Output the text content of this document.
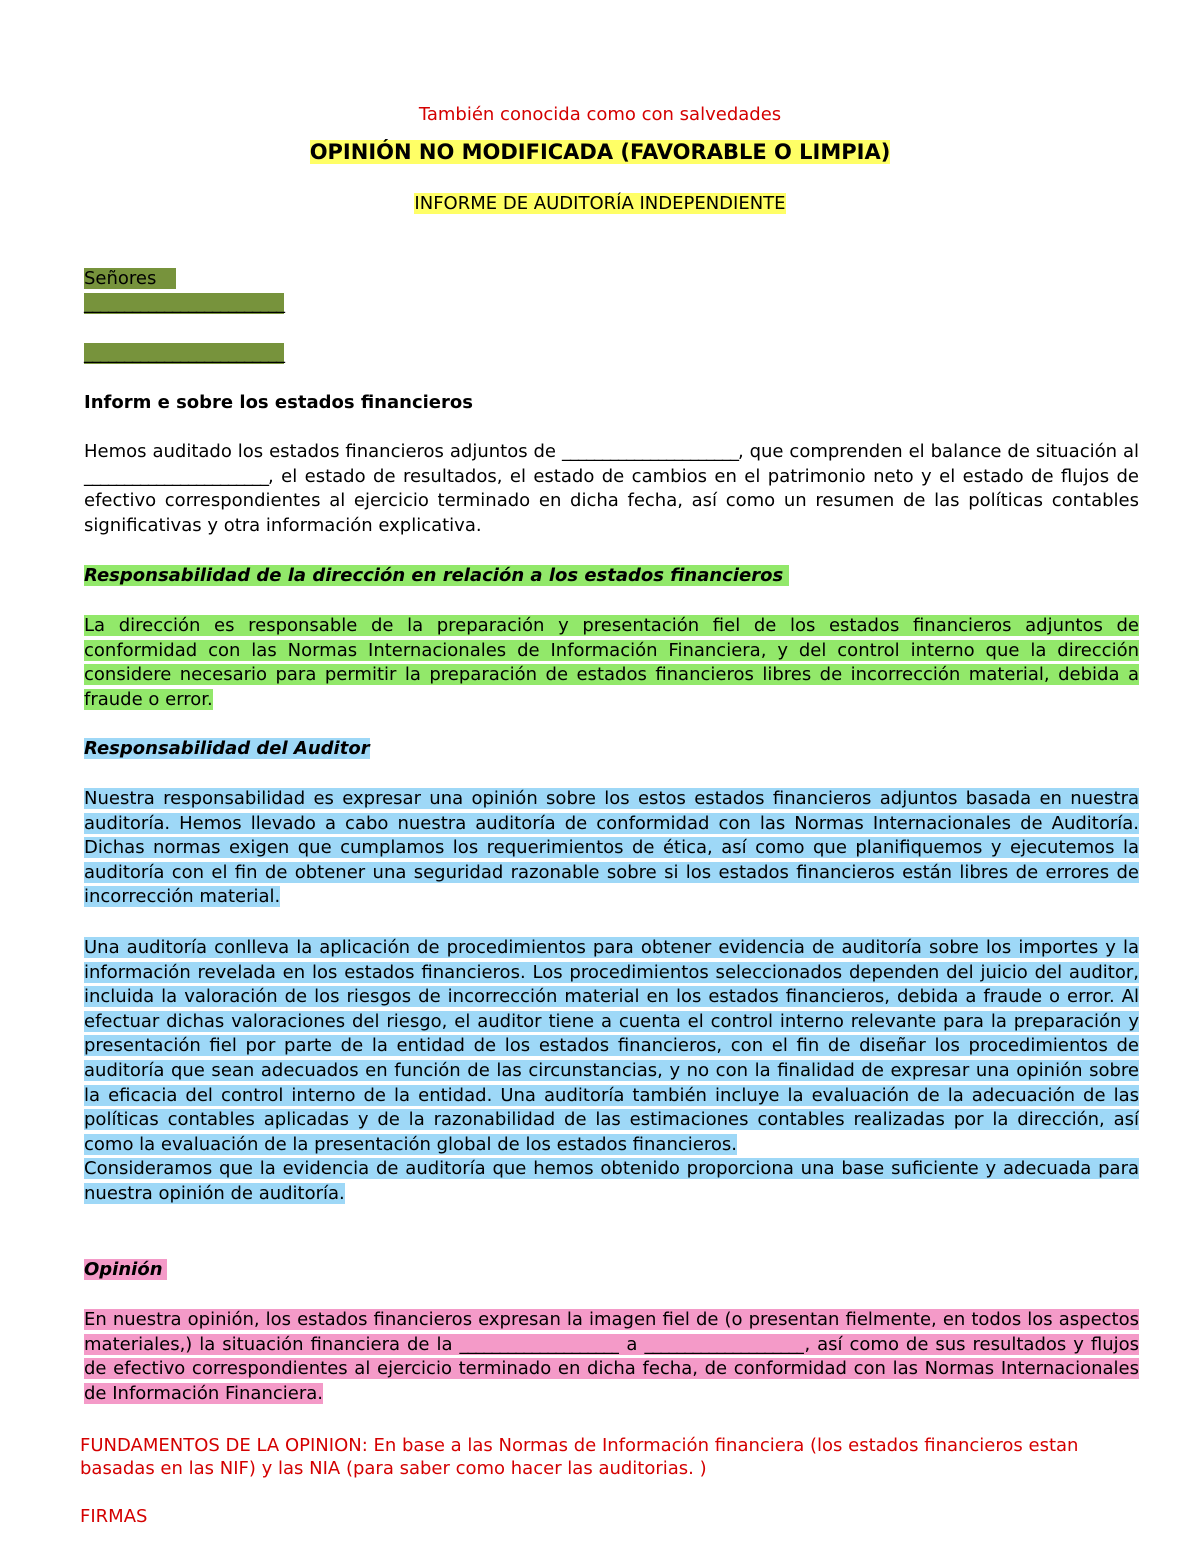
También conocida como con salvedades
OPINIÓN NO MODIFICADA (FAVORABLE O LIMPIA)
INFORME DE AUDITORÍA INDEPENDIENTE
Señores
_________________________
_________________________
Inform e sobre los estados financieros
Hemos auditado los estados financieros adjuntos de ______________________, que comprenden el balance de situación al _______________________, el estado de resultados, el estado de cambios en el patrimonio neto y el estado de flujos de efectivo correspondientes al ejercicio terminado en dicha fecha, así como un resumen de las políticas contables significativas y otra información explicativa.
Responsabilidad de la dirección en relación a los estados financieros
La dirección es responsable de la preparación y presentación fiel de los estados financieros adjuntos de conformidad con las Normas Internacionales de Información Financiera, y del control interno que la dirección considere necesario para permitir la preparación de estados financieros libres de incorrección material, debida a fraude o error.
Responsabilidad del Auditor
Nuestra responsabilidad es expresar una opinión sobre los estos estados financieros adjuntos basada en nuestra auditoría. Hemos llevado a cabo nuestra auditoría de conformidad con las Normas Internacionales de Auditoría. Dichas normas exigen que cumplamos los requerimientos de ética, así como que planifiquemos y ejecutemos la auditoría con el fin de obtener una seguridad razonable sobre si los estados financieros están libres de errores de incorrección material.
Una auditoría conlleva la aplicación de procedimientos para obtener evidencia de auditoría sobre los importes y la información revelada en los estados financieros. Los procedimientos seleccionados dependen del juicio del auditor, incluida la valoración de los riesgos de incorrección material en los estados financieros, debida a fraude o error. Al efectuar dichas valoraciones del riesgo, el auditor tiene a cuenta el control interno relevante para la preparación y presentación fiel por parte de la entidad de los estados financieros, con el fin de diseñar los procedimientos de auditoría que sean adecuados en función de las circunstancias, y no con la finalidad de expresar una opinión sobre la eficacia del control interno de la entidad. Una auditoría también incluye la evaluación de la adecuación de las políticas contables aplicadas y de la razonabilidad de las estimaciones contables realizadas por la dirección, así como la evaluación de la presentación global de los estados financieros.
Consideramos que la evidencia de auditoría que hemos obtenido proporciona una base suficiente y adecuada para nuestra opinión de auditoría.
Opinión
En nuestra opinión, los estados financieros expresan la imagen fiel de (o presentan fielmente, en todos los aspectos materiales,) la situación financiera de la ____________________ a ____________________, así como de sus resultados y flujos de efectivo correspondientes al ejercicio terminado en dicha fecha, de conformidad con las Normas Internacionales de Información Financiera.
FUNDAMENTOS DE LA OPINION: En base a las Normas de Información financiera (los estados financieros estan basadas en las NIF) y las NIA (para saber como hacer las auditorias. )
FIRMAS
